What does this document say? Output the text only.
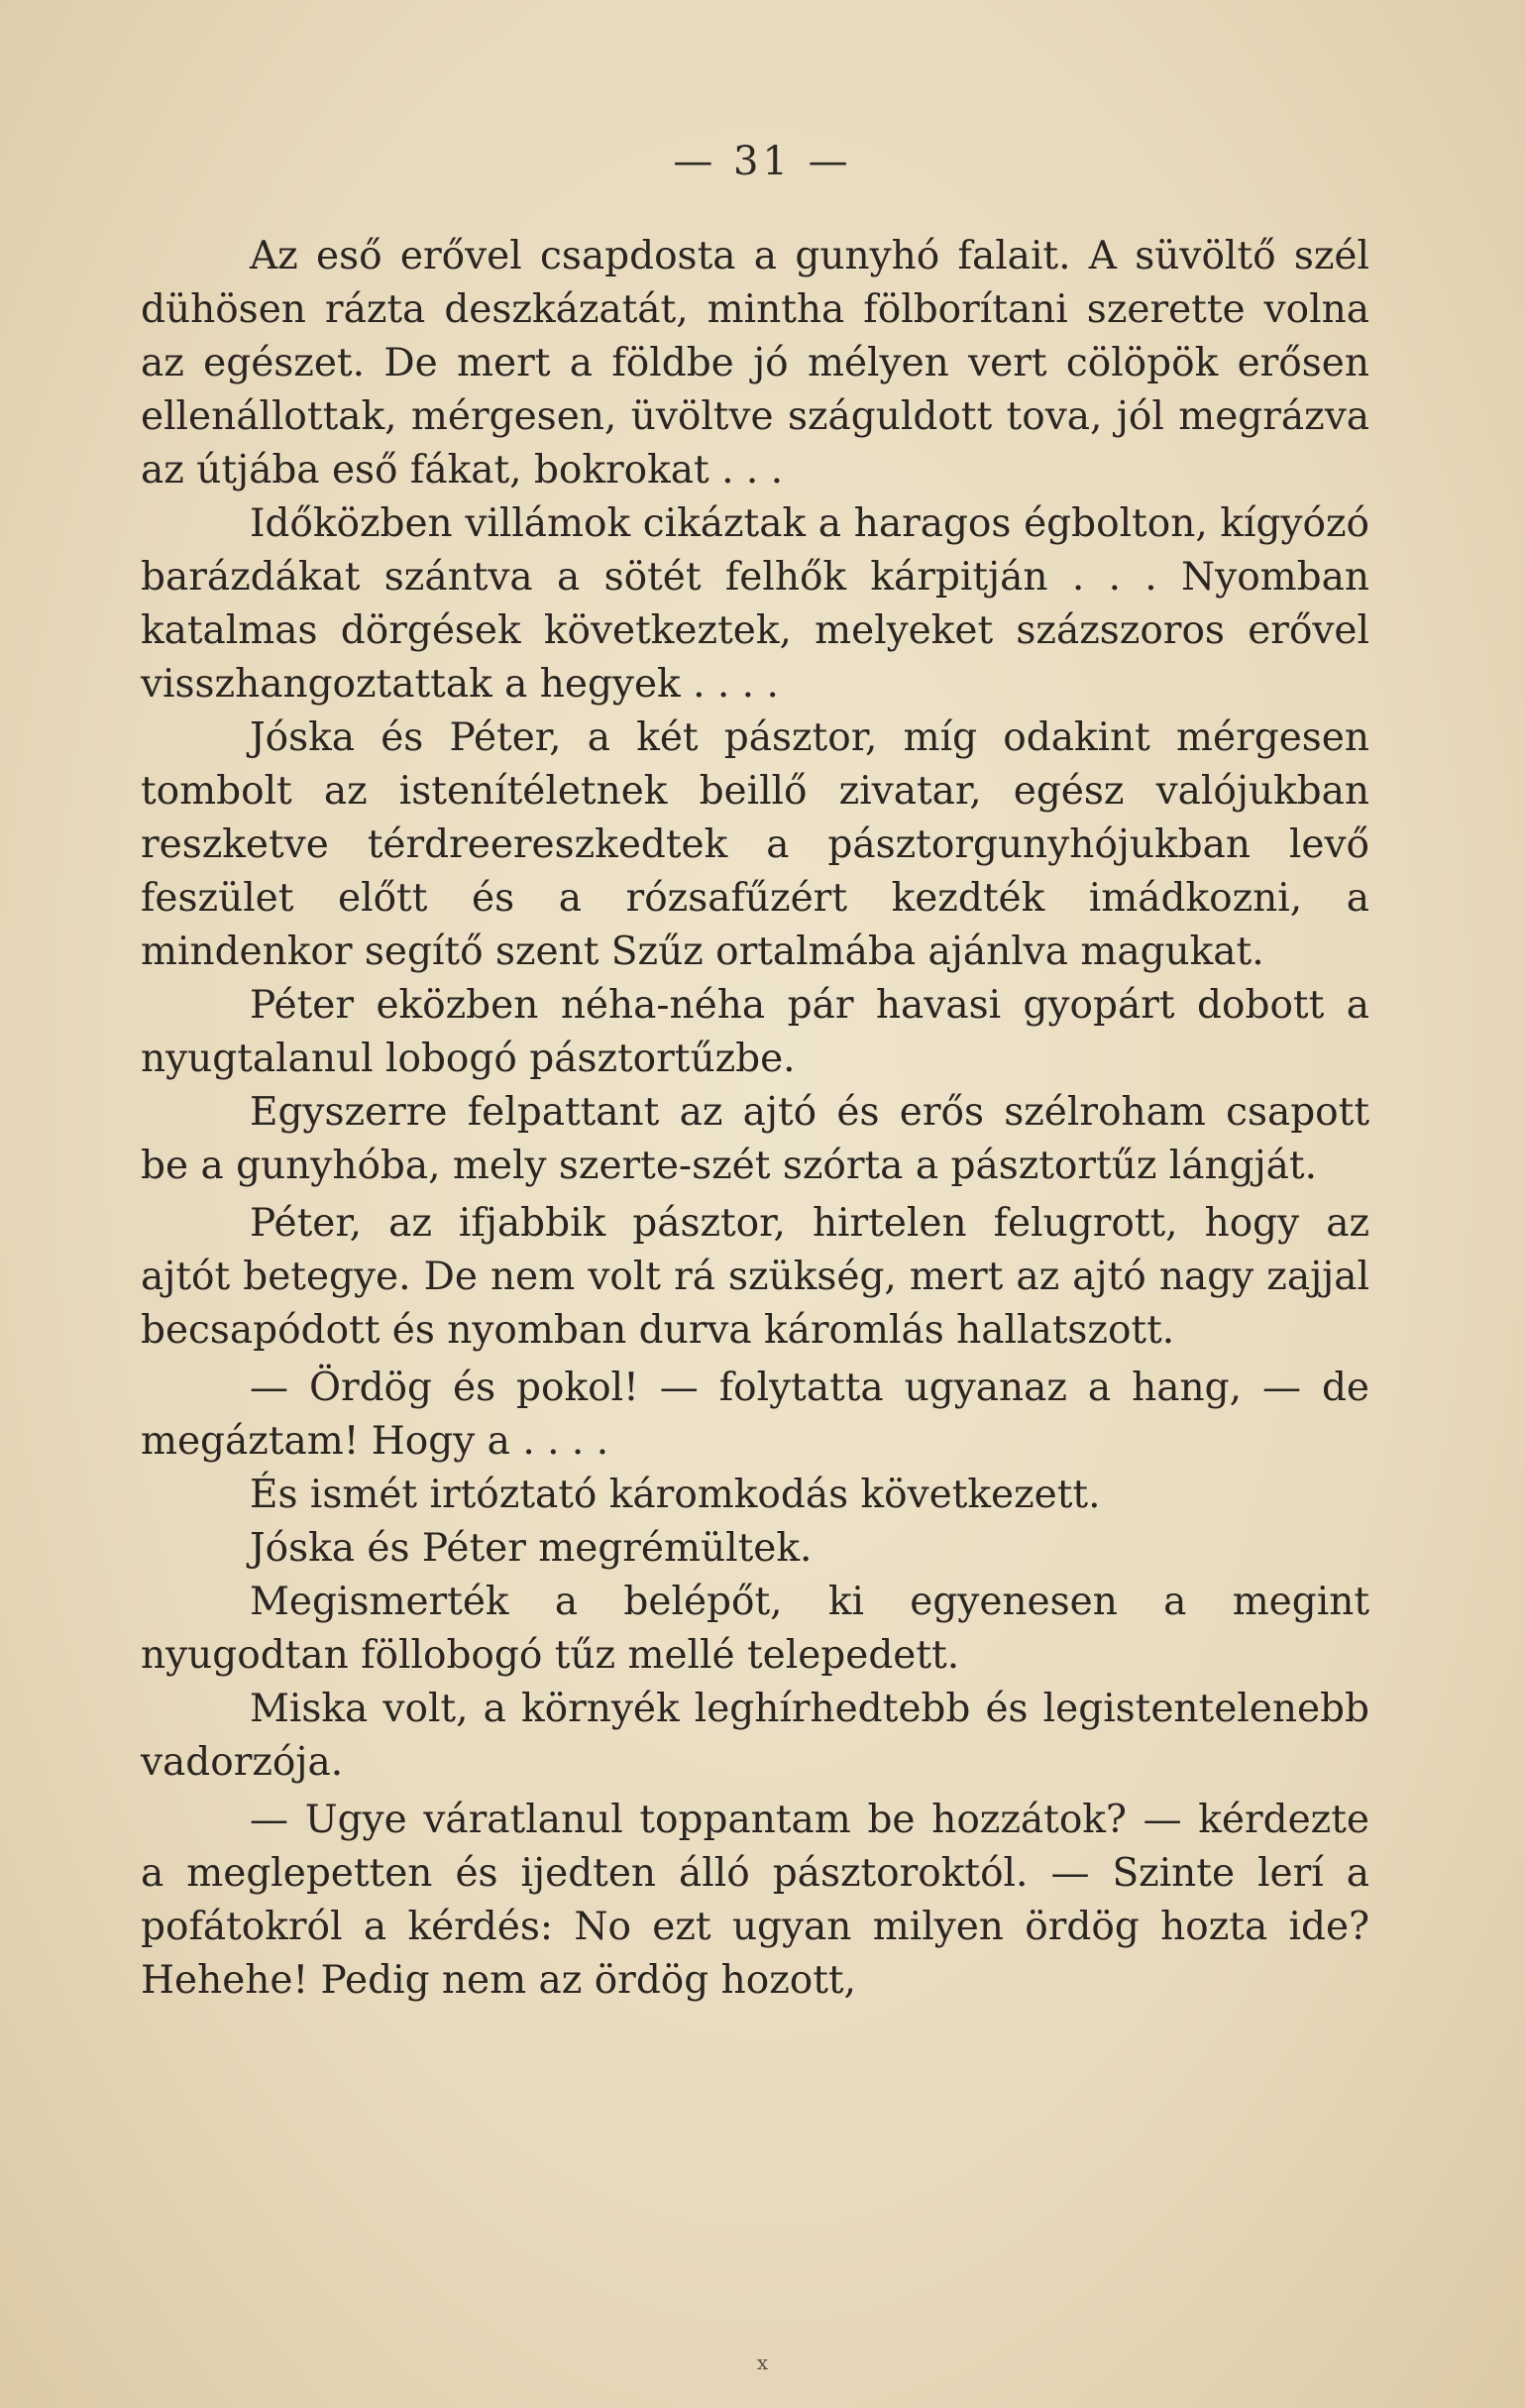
— 31 —

Az eső erővel csapdosta a gunyhó falait. A süvöltő szél dühösen rázta deszkázatát, mintha fölborítani szerette volna az egészet. De mert a földbe jó mélyen vert cölöpök erősen ellenállottak, mérgesen, üvöltve száguldott tova, jól megrázva az útjába eső fákat, bokrokat . . .

Időközben villámok cikáztak a haragos égbolton, kígyózó barázdákat szántva a sötét felhők kárpitján . . . Nyomban katalmas dörgések következtek, melyeket százszoros erővel visszhangoztattak a hegyek . . . .

Jóska és Péter, a két pásztor, míg odakint mérgesen tombolt az istenítéletnek beillő zivatar, egész valójukban reszketve térdreereszkedtek a pásztorgunyhójukban levő feszület előtt és a rózsafűzért kezdték imádkozni, a mindenkor segítő szent Szűz ortalmába ajánlva magukat.

Péter eközben néha-néha pár havasi gyopárt dobott a nyugtalanul lobogó pásztortűzbe.

Egyszerre felpattant az ajtó és erős szélroham csapott be a gunyhóba, mely szerte-szét szórta a pásztortűz lángját.

Péter, az ifjabbik pásztor, hirtelen felugrott, hogy az ajtót betegye. De nem volt rá szükség, mert az ajtó nagy zajjal becsapódott és nyomban durva káromlás hallatszott.

— Ördög és pokol! — folytatta ugyanaz a hang, — de megáztam! Hogy a . . . .

És ismét irtóztató káromkodás következett.

Jóska és Péter megrémültek.

Megismerték a belépőt, ki egyenesen a megint nyugodtan föllobogó tűz mellé telepedett.

Miska volt, a környék leghírhedtebb és legistentelenebb vadorzója.

— Ugye váratlanul toppantam be hozzátok? — kérdezte a meglepetten és ijedten álló pásztoroktól. — Szinte lerí a pofátokról a kérdés: No ezt ugyan milyen ördög hozta ide? Hehehe! Pedig nem az ördög hozott,

x
